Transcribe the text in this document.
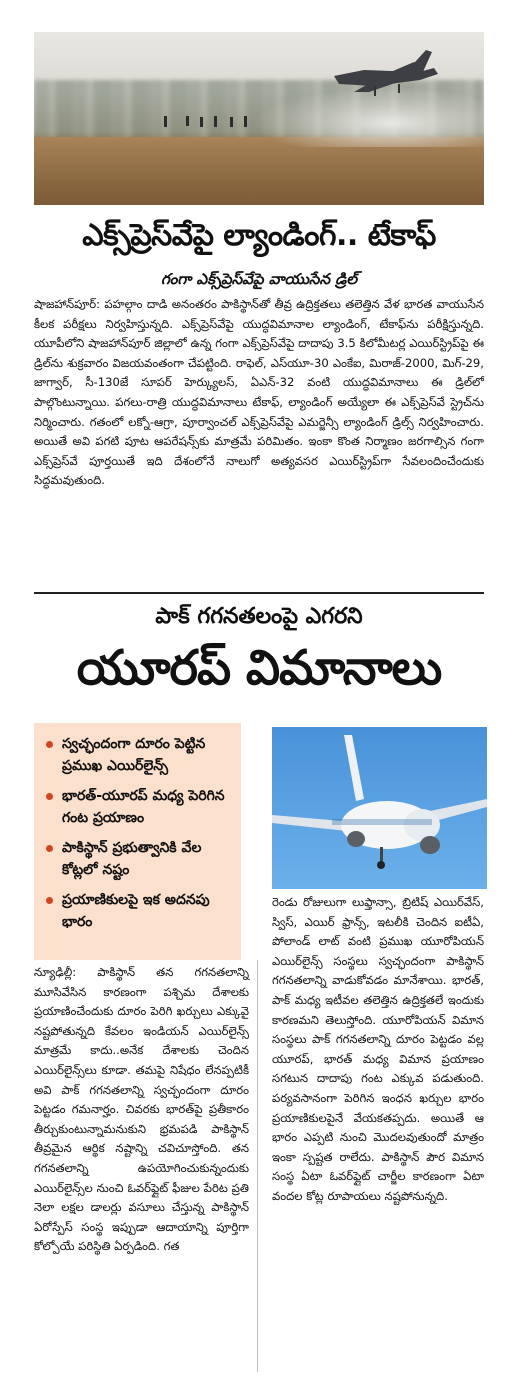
ఎక్స్‌ప్రెస్‌వేపై ల్యాండింగ్‌.. టేకాఫ్‌
గంగా ఎక్స్‌ప్రెస్‌వేపై వాయుసేన డ్రిల్‌
షాజహాన్‌పూర్‌: పహల్గాం దాడి అనంతరం పాకిస్థాన్‌తో తీవ్ర ఉద్రిక్తతలు తలెత్తిన వేళ భారత వాయుసేన కీలక పరీక్షలు నిర్వహిస్తున్నది. ఎక్స్‌ప్రెస్‌వేపై యుద్ధవిమానాల ల్యాండింగ్‌, టేకాఫ్‌ను పరీక్షిస్తున్నది. యూపీలోని షాజహాన్‌పూర్‌ జిల్లాలో ఉన్న గంగా ఎక్స్‌ప్రెస్‌వేపై దాదాపు 3.5 కిలోమీటర్ల ఎయిర్‌స్ట్రిప్‌పై ఈ డ్రిల్‌ను శుక్రవారం విజయవంతంగా చేపట్టింది. రాఫెల్‌, ఎస్‌యూ-30 ఎంకేఐ, మిరాజ్‌-2000, మిగ్‌-29, జాగ్వార్‌, సీ-130జే సూపర్‌ హెర్క్యులస్‌, ఏఎన్‌-32 వంటి యుద్ధవిమానాలు ఈ డ్రిల్‌లో పాల్గొంటున్నాయి. పగలు-రాత్రి యుద్ధవిమానాలు టేకాఫ్‌, ల్యాండింగ్‌ అయ్యేలా ఈ ఎక్స్‌ప్రెస్‌వే స్ట్రెచ్‌ను నిర్మించారు. గతంలో లక్నో-ఆగ్రా, పూర్వాంచల్‌ ఎక్స్‌ప్రెస్‌వేపై ఎమర్జెన్సీ ల్యాండింగ్‌ డ్రిల్స్‌ నిర్వహించారు. అయితే అవి పగటి పూట ఆపరేషన్స్‌కు మాత్రమే పరిమితం. ఇంకా కొంత నిర్మాణం జరగాల్సిన గంగా ఎక్స్‌ప్రెస్‌వే పూర్తయితే ఇది దేశంలోనే నాలుగో అత్యవసర ఎయిర్‌స్ట్రిప్‌గా సేవలందించేందుకు సిద్ధమవుతుంది.
పాక్‌ గగనతలంపై ఎగరని
యూరప్‌ విమానాలు
స్వచ్ఛందంగా దూరం పెట్టిన ప్రముఖ ఎయిర్‌లైన్స్‌
భారత్‌-యూరప్‌ మధ్య పెరిగిన గంట ప్రయాణం
పాకిస్థాన్‌ ప్రభుత్వానికి వేల కోట్లలో నష్టం
ప్రయాణికులపై ఇక అదనపు భారం
న్యూఢిల్లీ: పాకిస్థాన్‌ తన గగనతలాన్ని మూసివేసిన కారణంగా పశ్చిమ దేశాలకు ప్రయాణించేందుకు దూరం పెరిగి ఖర్చులు ఎక్కువై నష్టపోతున్నది కేవలం ఇండియన్‌ ఎయిర్‌లైన్స్‌ మాత్రమే కాదు..అనేక దేశాలకు చెందిన ఎయిర్‌లైన్స్‌లు కూడా. తమపై నిషేధం లేనప్పటికీ అవి పాక్‌ గగనతలాన్ని స్వచ్ఛందంగా దూరం పెట్టడం గమనార్హం. చివరకు భారత్‌పై ప్రతీకారం తీర్చుకుంటున్నామనుకుని భ్రమపడి పాకిస్థాన్‌ తీవ్రమైన ఆర్థిక నష్టాన్ని చవిచూస్తోంది. తన గగనతలాన్ని ఉపయోగించుకున్నందుకు ఎయిర్‌లైన్స్‌ల నుంచి ఓవర్‌ఫ్లైట్‌ ఫీజుల పేరిట ప్రతి నెలా లక్షల డాలర్లు వసూలు చేస్తున్న పాకిస్థాన్‌ ఏరోస్పేస్‌ సంస్థ ఇప్పుడా ఆదాయాన్ని పూర్తిగా కోల్పోయే పరిస్థితి ఏర్పడింది. గత
రెండు రోజులుగా లుఫ్తాన్సా, బ్రిటిష్‌ ఎయిర్‌వేస్‌, స్విస్‌, ఎయిర్‌ ఫ్రాన్స్‌, ఇటలీకి చెందిన ఐటీఏ, పోలాండ్‌ లాట్‌ వంటి ప్రముఖ యూరోపియన్‌ ఎయిర్‌లైన్స్‌ సంస్థలు స్వచ్ఛందంగా పాకిస్థాన్‌ గగనతలాన్ని వాడుకోవడం మానేశాయి. భారత్‌, పాక్‌ మధ్య ఇటీవల తలెత్తిన ఉద్రిక్తతలే ఇందుకు కారణమని తెలుస్తోంది. యూరోపియన్‌ విమాన సంస్థలు పాక్‌ గగనతలాన్ని దూరం పెట్టడం వల్ల యూరప్‌, భారత్‌ మధ్య విమాన ప్రయాణం సగటున దాదాపు గంట ఎక్కువ పడుతుంది. పర్యవసానంగా పెరిగిన ఇంధన ఖర్చుల భారం ప్రయాణికులపైనే వేయకతప్పదు. అయితే ఆ భారం ఎప్పటి నుంచి మొదలవుతుందో మాత్రం ఇంకా స్పష్టత రాలేదు. పాకిస్థాన్‌ పౌర విమాన సంస్థ ఏటా ఓవర్‌ఫ్లైట్‌ చార్జీల కారణంగా ఏటా వందల కోట్ల రూపాయలు నష్టపోనున్నది.
